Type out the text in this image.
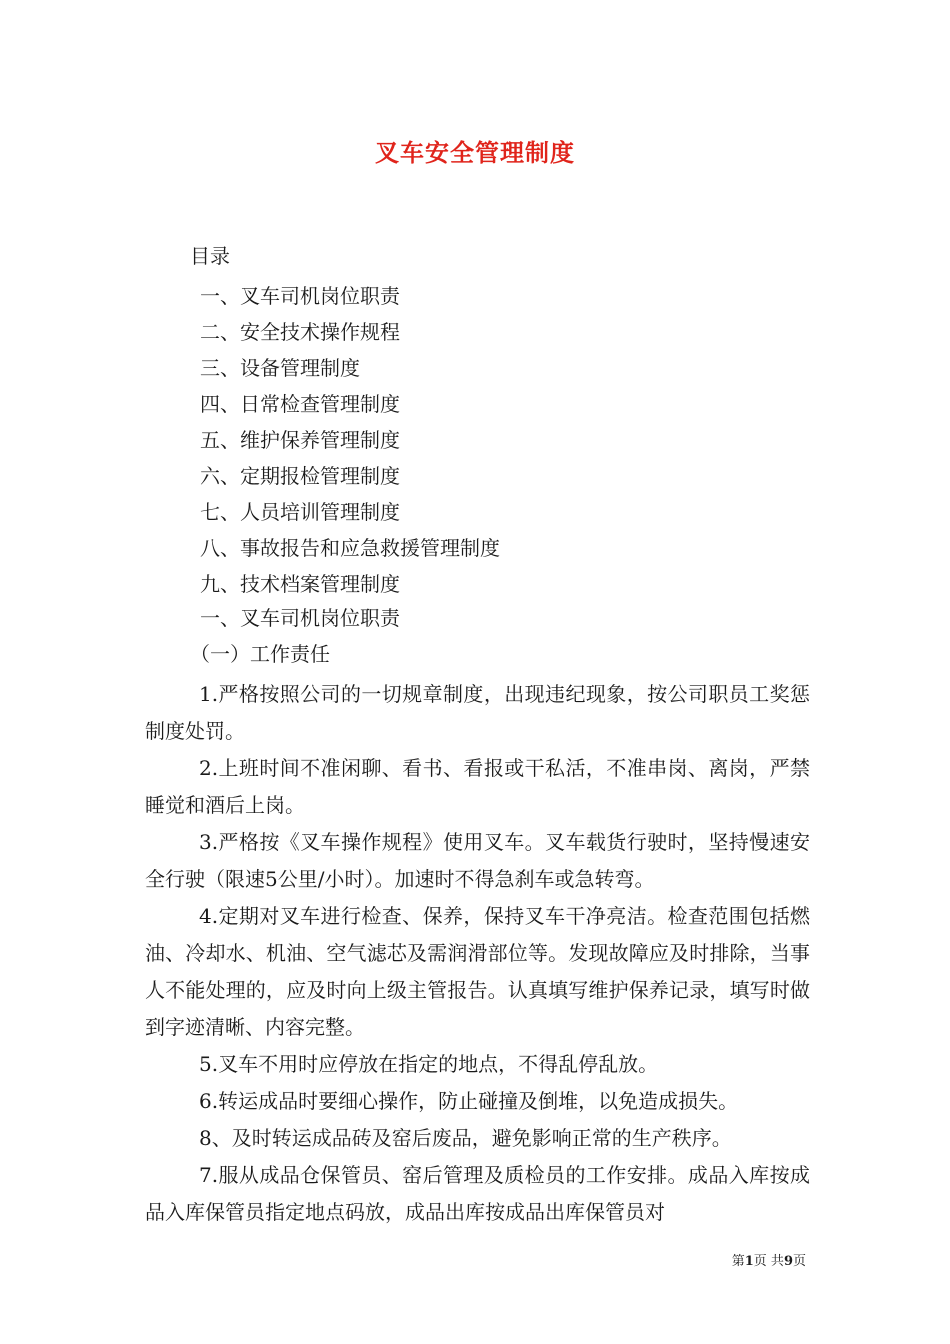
叉车安全管理制度
目录
一、叉车司机岗位职责
二、安全技术操作规程
三、设备管理制度
四、日常检查管理制度
五、维护保养管理制度
六、定期报检管理制度
七、人员培训管理制度
八、事故报告和应急救援管理制度
九、技术档案管理制度
一、叉车司机岗位职责
（一）工作责任

1.严格按照公司的一切规章制度，出现违纪现象，按公司职员工奖惩制度处罚。

2.上班时间不准闲聊、看书、看报或干私活，不准串岗、离岗，严禁睡觉和酒后上岗。

3.严格按《叉车操作规程》使用叉车。叉车载货行驶时，坚持慢速安全行驶（限速5公里/小时）。加速时不得急刹车或急转弯。

4.定期对叉车进行检查、保养，保持叉车干净亮洁。检查范围包括燃油、冷却水、机油、空气滤芯及需润滑部位等。发现故障应及时排除，当事人不能处理的，应及时向上级主管报告。认真填写维护保养记录，填写时做到字迹清晰、内容完整。

5.叉车不用时应停放在指定的地点，不得乱停乱放。

6.转运成品时要细心操作，防止碰撞及倒堆，以免造成损失。

8、及时转运成品砖及窑后废品，避免影响正常的生产秩序。

7.服从成品仓保管员、窑后管理及质检员的工作安排。成品入库按成品入库保管员指定地点码放，成品出库按成品出库保管员对

第1页 共9页
